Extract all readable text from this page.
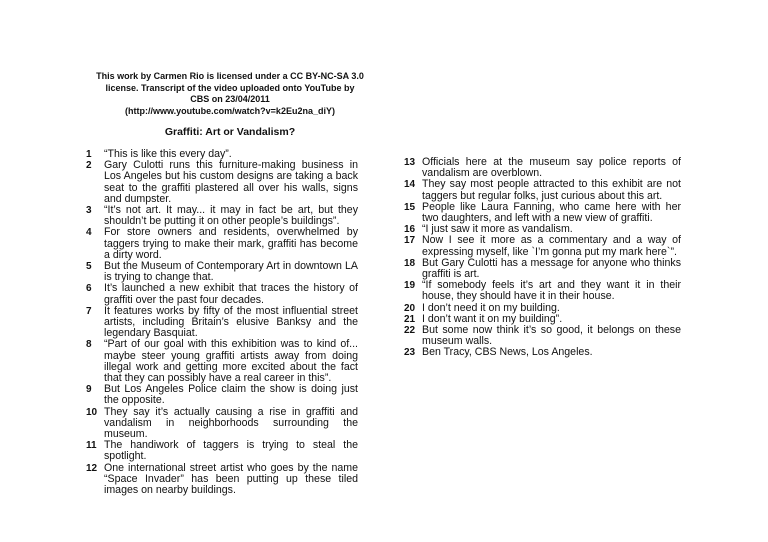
This work by Carmen Rio is licensed under a CC BY-NC-SA 3.0
license. Transcript of the video uploaded onto YouTube by
CBS on 23/04/2011
(http://www.youtube.com/watch?v=k2Eu2na_diY)
Graffiti: Art or Vandalism?
1	“This is like this every day”.
2	Gary Culotti runs this furniture-making business in Los Angeles but his custom designs are taking a back seat to the graffiti plastered all over his walls, signs and dumpster.
3	“It’s not art. It may... it may in fact be art, but they shouldn’t be putting it on other people’s buildings”.
4	For store owners and residents, overwhelmed by taggers trying to make their mark, graffiti has become a dirty word.
5	But the Museum of Contemporary Art in downtown LA is trying to change that.
6	It’s launched a new exhibit that traces the history of graffiti over the past four decades.
7	It features works by fifty of the most influential street artists, including Britain’s elusive Banksy and the legendary Basquiat.
8	“Part of our goal with this exhibition was to kind of... maybe steer young graffiti artists away from doing illegal work and getting more excited about the fact that they can possibly have a real career in this”.
9	But Los Angeles Police claim the show is doing just the opposite.
10 They say it’s actually causing a rise in graffiti and vandalism in neighborhoods surrounding the museum.
11 The handiwork of taggers is trying to steal the spotlight.
12 One international street artist who goes by the name “Space Invader” has been putting up these tiled images on nearby buildings.
13 Officials here at the museum say police reports of vandalism are overblown.
14 They say most people attracted to this exhibit are not taggers but regular folks, just curious about this art.
15 People like Laura Fanning, who came here with her two daughters, and left with a new view of graffiti.
16 “I just saw it more as vandalism.
17 Now I see it more as a commentary and a way of expressing myself, like `I’m gonna put my mark here`”.
18 But Gary Culotti has a message for anyone who thinks graffiti is art.
19 “If somebody feels it’s art and they want it in their house, they should have it in their house.
20 I don’t need it on my building.
21 I don’t want it on my building”.
22 But some now think it’s so good, it belongs on these museum walls.
23 Ben Tracy, CBS News, Los Angeles.
